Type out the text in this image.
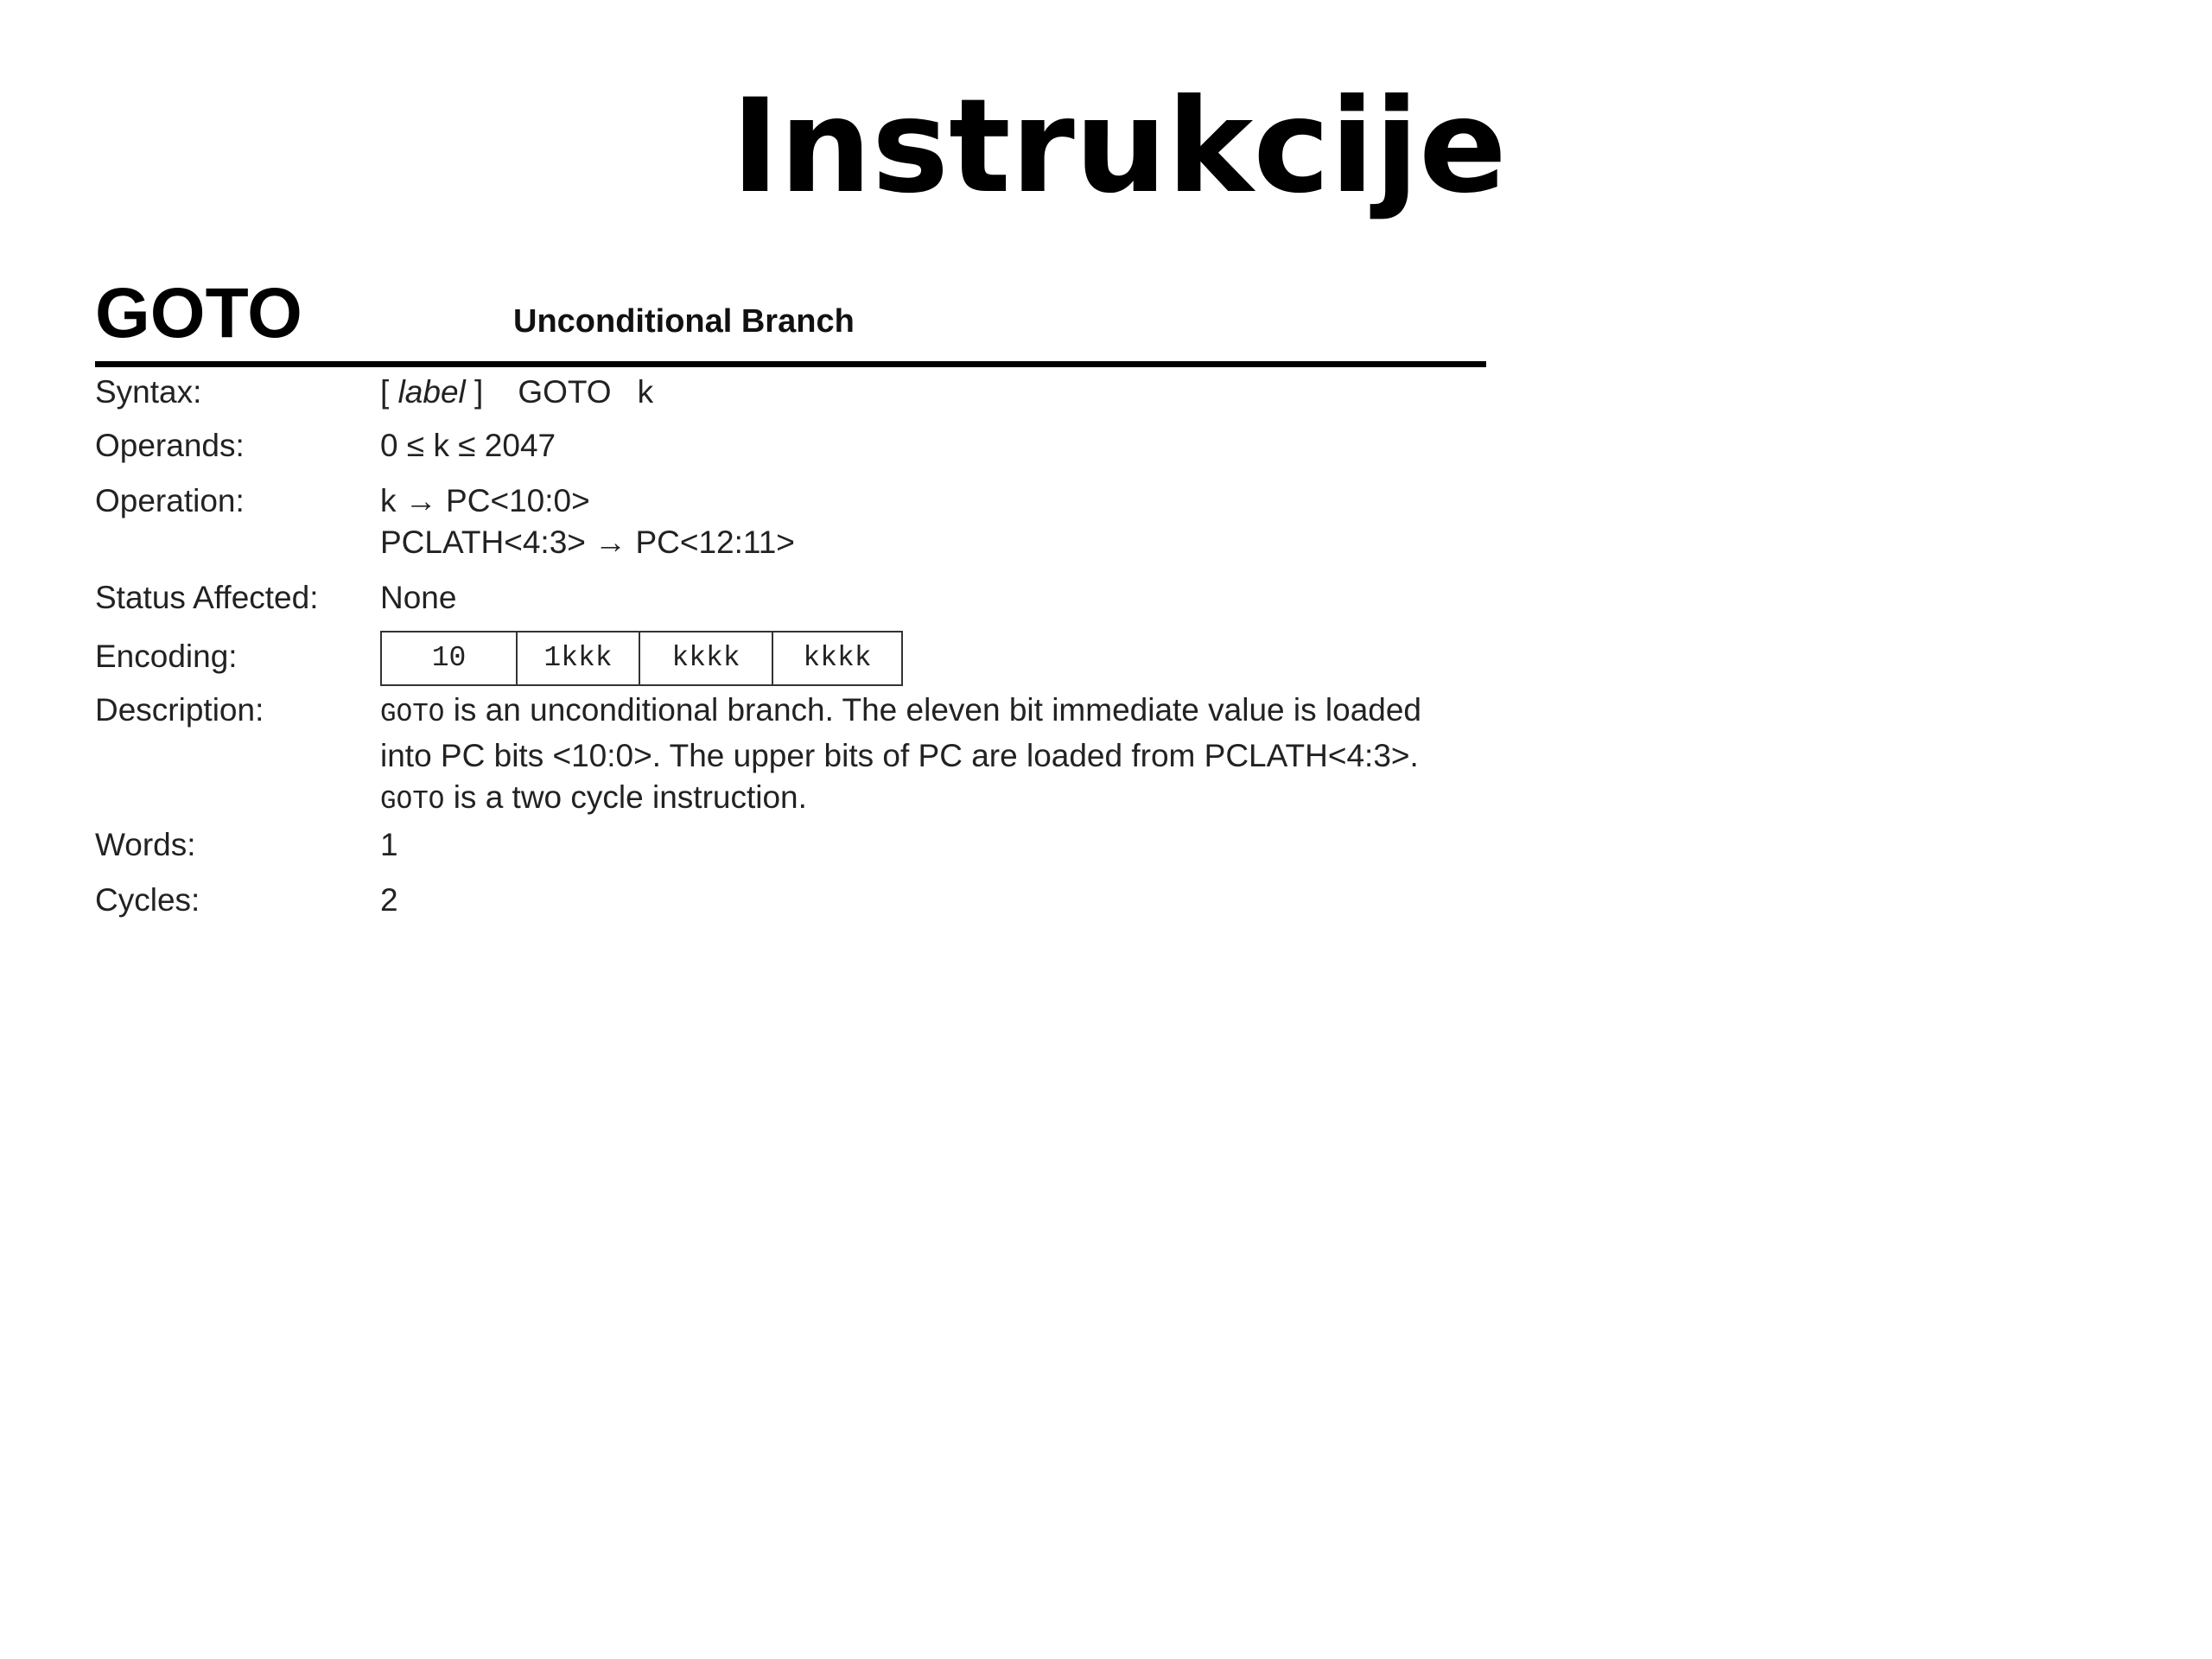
Instrukcije
GOTO	Unconditional Branch
Syntax:	[ label ] GOTO k
Operands:	0 ≤ k ≤ 2047
Operation:	k → PC<10:0>
PCLATH<4:3> → PC<12:11>
Status Affected:	None
Encoding:	10	1kkk	kkkk	kkkk
Description:	GOTO is an unconditional branch. The eleven bit immediate value is loaded
into PC bits <10:0>. The upper bits of PC are loaded from PCLATH<4:3>.
GOTO is a two cycle instruction.
Words:	1
Cycles:	2
